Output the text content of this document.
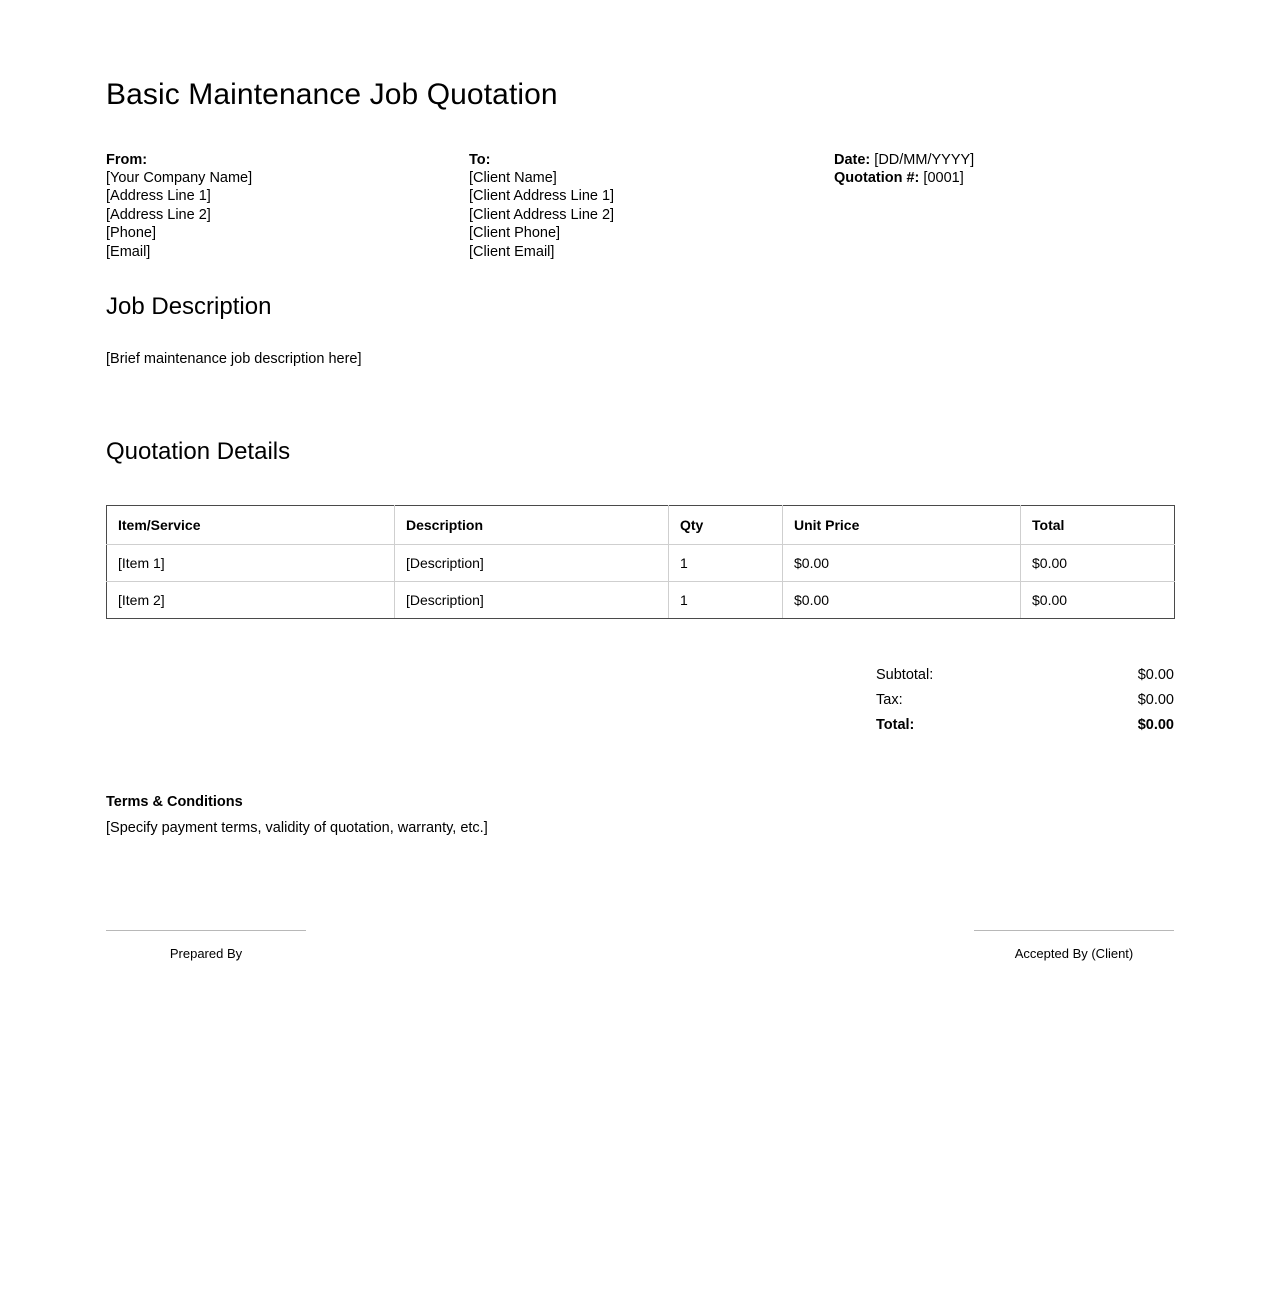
Basic Maintenance Job Quotation
From:
[Your Company Name]
[Address Line 1]
[Address Line 2]
[Phone]
[Email]
To:
[Client Name]
[Client Address Line 1]
[Client Address Line 2]
[Client Phone]
[Client Email]
Date: [DD/MM/YYYY]
Quotation #: [0001]
Job Description
[Brief maintenance job description here]
Quotation Details
Item/Service	Description	Qty	Unit Price	Total
[Item 1]	[Description]	1	$0.00	$0.00
[Item 2]	[Description]	1	$0.00	$0.00
Subtotal:	$0.00
Tax:	$0.00
Total:	$0.00
Terms & Conditions
[Specify payment terms, validity of quotation, warranty, etc.]
Prepared By	Accepted By (Client)
